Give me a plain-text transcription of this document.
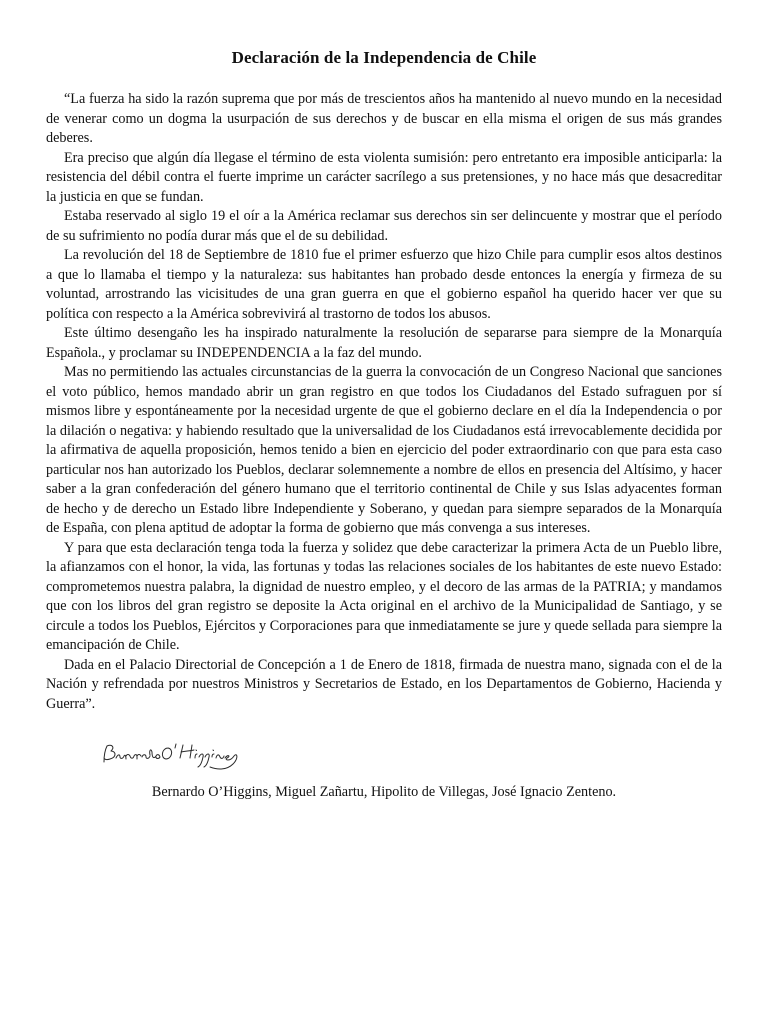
Declaración de la Independencia de Chile

“La fuerza ha sido la razón suprema que por más de trescientos años ha mantenido al nuevo mundo en la necesidad de venerar como un dogma la usurpación de sus derechos y de buscar en ella misma el origen de sus más grandes deberes.

Era preciso que algún día llegase el término de esta violenta sumisión: pero entretanto era imposible anticiparla: la resistencia del débil contra el fuerte imprime un carácter sacrílego a sus pretensiones, y no hace más que desacreditar la justicia en que se fundan.

Estaba reservado al siglo 19 el oír a la América reclamar sus derechos sin ser delincuente y mostrar que el período de su sufrimiento no podía durar más que el de su debilidad.

La revolución del 18 de Septiembre de 1810 fue el primer esfuerzo que hizo Chile para cumplir esos altos destinos a que lo llamaba el tiempo y la naturaleza: sus habitantes han probado desde entonces la energía y firmeza de su voluntad, arrostrando las vicisitudes de una gran guerra en que el gobierno español ha querido hacer ver que su política con respecto a la América sobrevivirá al trastorno de todos los abusos.

Este último desengaño les ha inspirado naturalmente la resolución de separarse para siempre de la Monarquía Española., y proclamar su INDEPENDENCIA a la faz del mundo.

Mas no permitiendo las actuales circunstancias de la guerra la convocación de un Congreso Nacional que sanciones el voto público, hemos mandado abrir un gran registro en que todos los Ciudadanos del Estado sufraguen por sí mismos libre y espontáneamente por la necesidad urgente de que el gobierno declare en el día la Independencia o por la dilación o negativa: y habiendo resultado que la universalidad de los Ciudadanos está irrevocablemente decidida por la afirmativa de aquella proposición, hemos tenido a bien en ejercicio del poder extraordinario con que para esta caso particular nos han autorizado los Pueblos, declarar solemnemente a nombre de ellos en presencia del Altísimo, y hacer saber a la gran confederación del género humano que el territorio continental de Chile y sus Islas adyacentes forman de hecho y de derecho un Estado libre Independiente y Soberano, y quedan para siempre separados de la Monarquía de España, con plena aptitud de adoptar la forma de gobierno que más convenga a sus intereses.

Y para que esta declaración tenga toda la fuerza y solidez que debe caracterizar la primera Acta de un Pueblo libre, la afianzamos con el honor, la vida, las fortunas y todas las relaciones sociales de los habitantes de este nuevo Estado: comprometemos nuestra palabra, la dignidad de nuestro empleo, y el decoro de las armas de la PATRIA; y mandamos que con los libros del gran registro se deposite la Acta original en el archivo de la Municipalidad de Santiago, y se circule a todos los Pueblos, Ejércitos y Corporaciones para que inmediatamente se jure y quede sellada para siempre la emancipación de Chile.

Dada en el Palacio Directorial de Concepción a 1 de Enero de 1818, firmada de nuestra mano, signada con el de la Nación y refrendada por nuestros Ministros y Secretarios de Estado, en los Departamentos de Gobierno, Hacienda y Guerra”.

Bernardo O’Higgins, Miguel Zañartu, Hipolito de Villegas, José Ignacio Zenteno.
